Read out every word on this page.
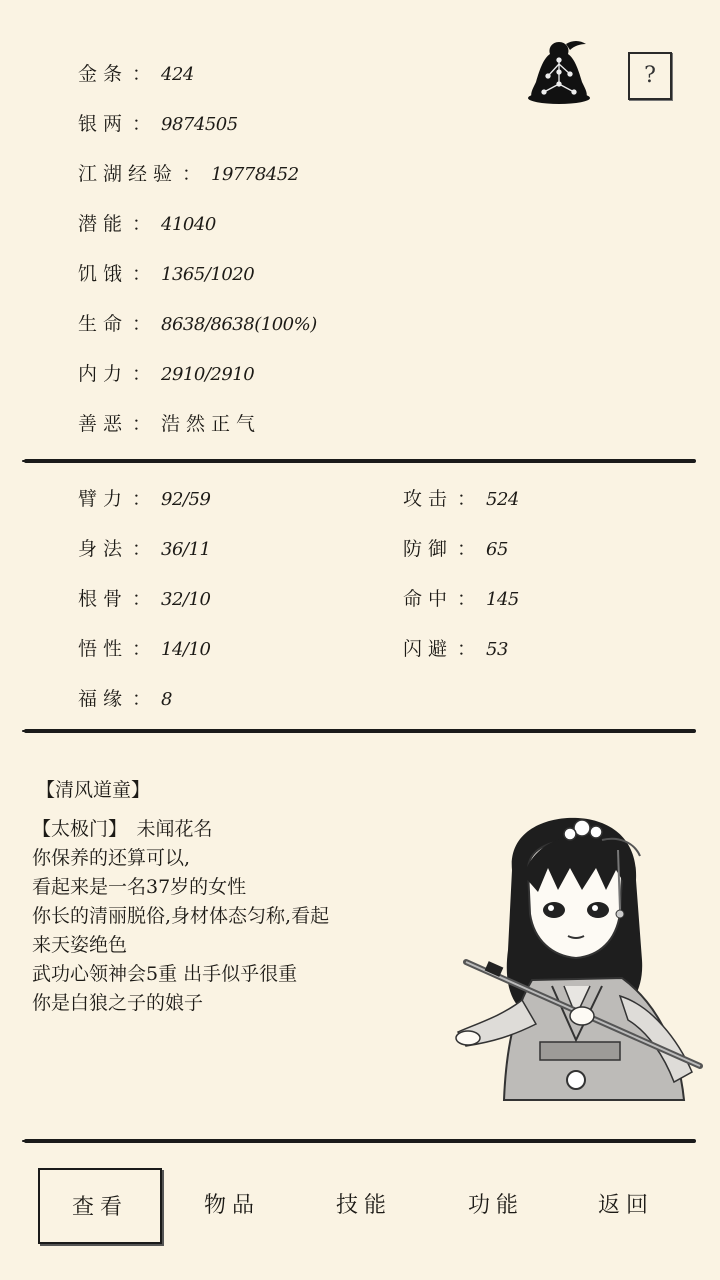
?
金条 ： 424
银两 ： 9874505
江湖经验 ： 19778452
潜能 ： 41040
饥饿 ： 1365/1020
生命 ： 8638/8638(100%)
内力 ： 2910/2910
善恶 ： 浩然正气
臂力 ： 92/59
身法 ： 36/11
根骨 ： 32/10
悟性 ： 14/10
福缘 ： 8
攻击 ： 524
防御 ： 65
命中 ： 145
闪避 ： 53
【清风道童】
【太极门】　未闻花名
你保养的还算可以,
看起来是一名37岁的女性
你长的清丽脱俗,身材体态匀称,看起
来天姿绝色
武功心领神会5重 出手似乎很重
你是白狼之子的娘子
查看	物品	技能	功能	返回
